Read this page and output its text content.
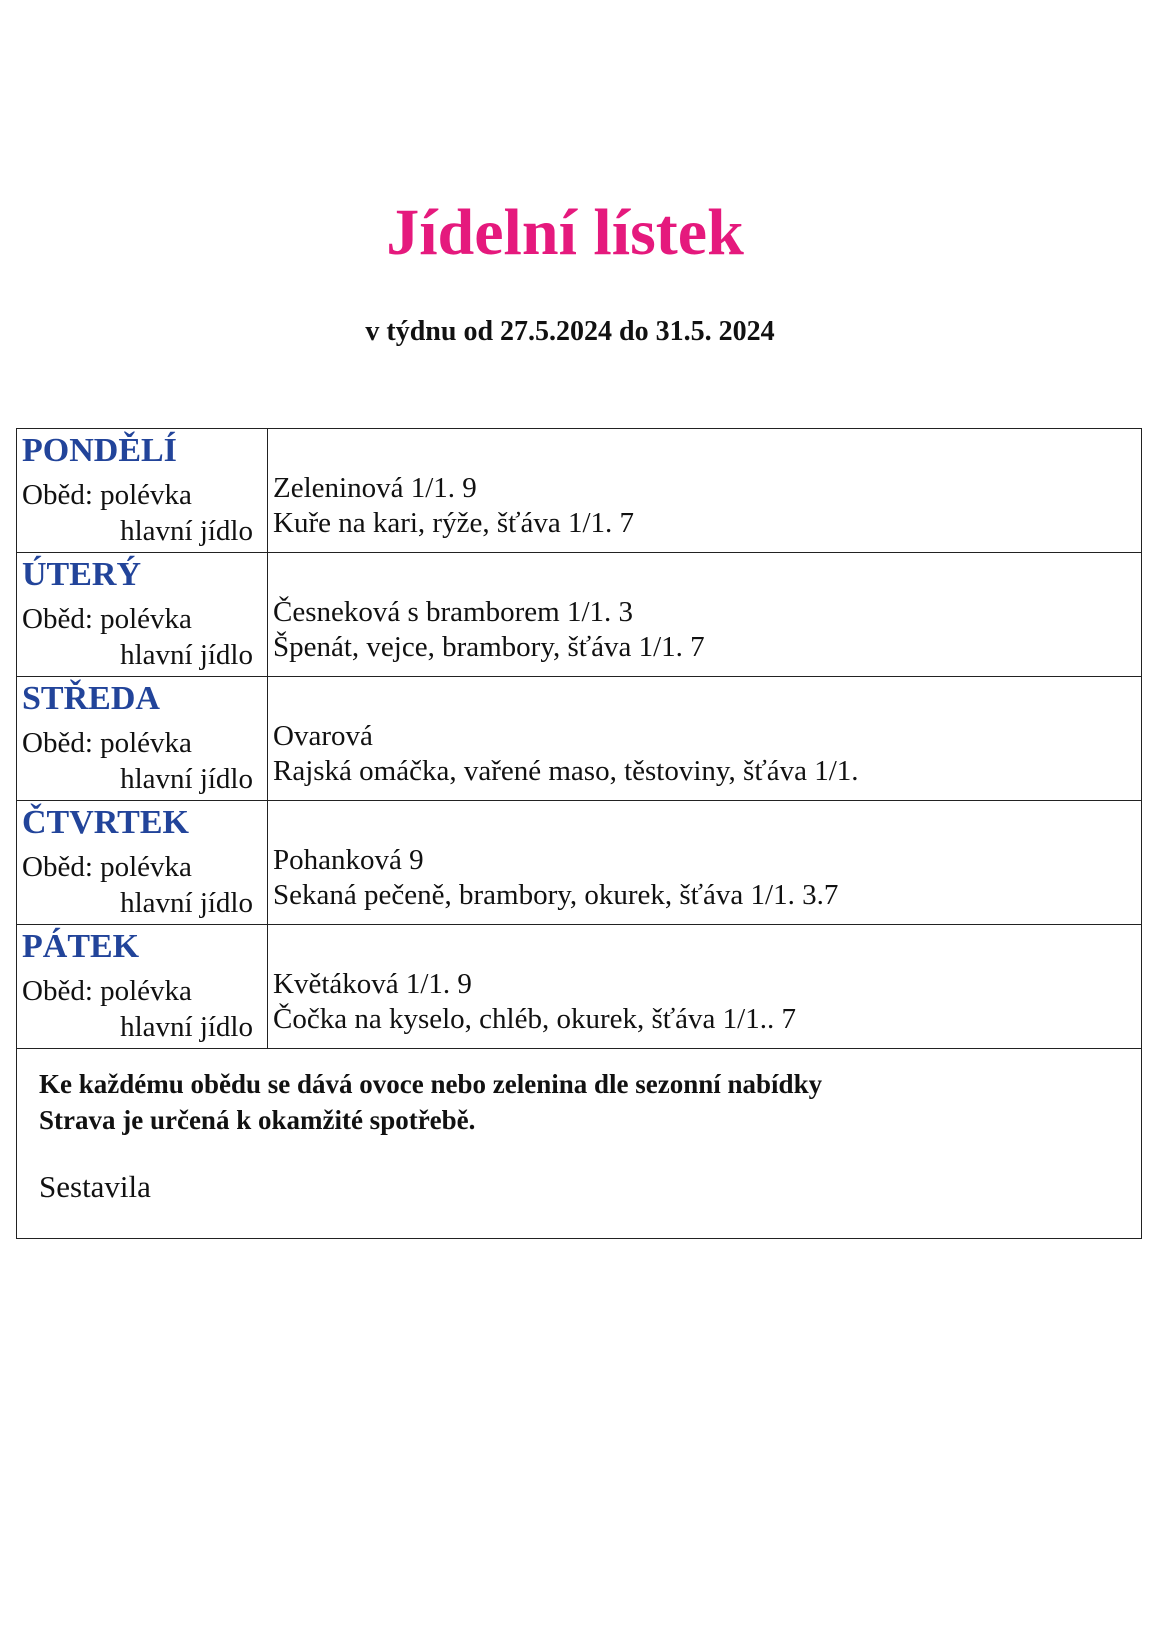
Jídelní lístek
v týdnu od 27.5.2024 do 31.5. 2024
PONDĚLÍ
Oběd: polévka
hlavní jídlo
Zeleninová 1/1. 9
Kuře na kari, rýže, šťáva 1/1. 7
ÚTERÝ
Oběd: polévka
hlavní jídlo
Česneková s bramborem 1/1. 3
Špenát, vejce, brambory, šťáva 1/1. 7
STŘEDA
Oběd: polévka
hlavní jídlo
Ovarová
Rajská omáčka, vařené maso, těstoviny, šťáva 1/1.
ČTVRTEK
Oběd: polévka
hlavní jídlo
Pohanková 9
Sekaná pečeně, brambory, okurek, šťáva 1/1. 3.7
PÁTEK
Oběd: polévka
hlavní jídlo
Květáková 1/1. 9
Čočka na kyselo, chléb, okurek, šťáva 1/1.. 7
Ke každému obědu se dává ovoce nebo zelenina dle sezonní nabídky
Strava je určená k okamžité spotřebě.
Sestavila
